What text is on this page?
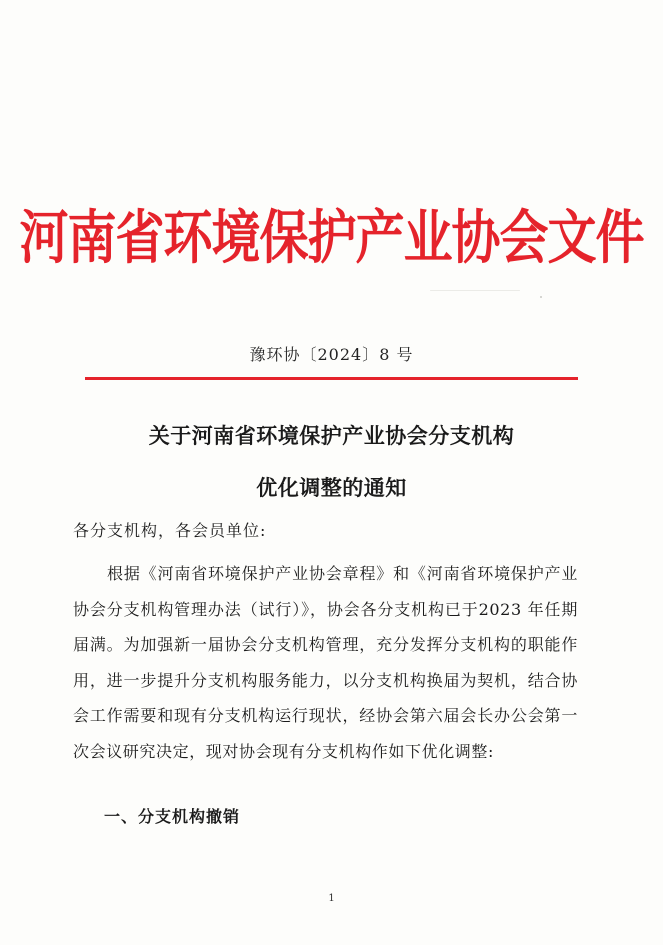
河南省环境保护产业协会文件
豫环协〔2024〕8 号
关于河南省环境保护产业协会分支机构
优化调整的通知
各分支机构，各会员单位:
根据《河南省环境保护产业协会章程》和《河南省环境保护产业协会分支机构管理办法（试行）》，协会各分支机构已于2023 年任期届满。为加强新一届协会分支机构管理，充分发挥分支机构的职能作用，进一步提升分支机构服务能力，以分支机构换届为契机，结合协会工作需要和现有分支机构运行现状，经协会第六届会长办公会第一次会议研究决定，现对协会现有分支机构作如下优化调整:
一、分支机构撤销
1
